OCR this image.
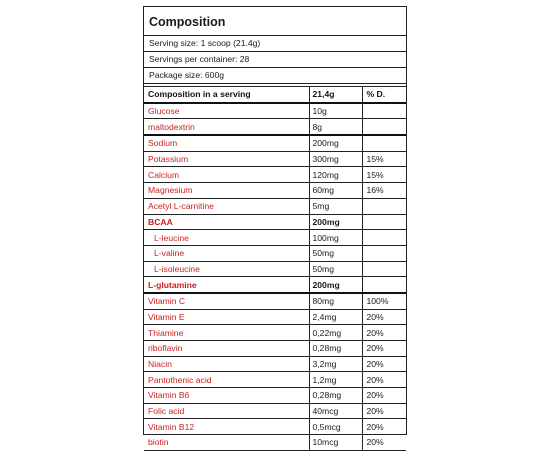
Composition
Serving size: 1 scoop (21.4g)
Servings per container: 28
Package size: 600g
Composition in a serving	21,4g	% D.
Glucose	10g	
maltodextrin	8g	
Sodium	200mg	
Potassium	300mg	15%
Calcium	120mg	15%
Magnesium	60mg	16%
Acetyl L-carnitine	5mg	
BCAA	200mg	
L-leucine	100mg	
L-valine	50mg	
L-isoleucine	50mg	
L-glutamine	200mg	
Vitamin C	80mg	100%
Vitamin E	2,4mg	20%
Thiamine	0,22mg	20%
riboflavin	0,28mg	20%
Niacin	3,2mg	20%
Pantothenic acid	1,2mg	20%
Vitamin B6	0,28mg	20%
Folic acid	40mcg	20%
Vitamin B12	0,5mcg	20%
biotin	10mcg	20%
